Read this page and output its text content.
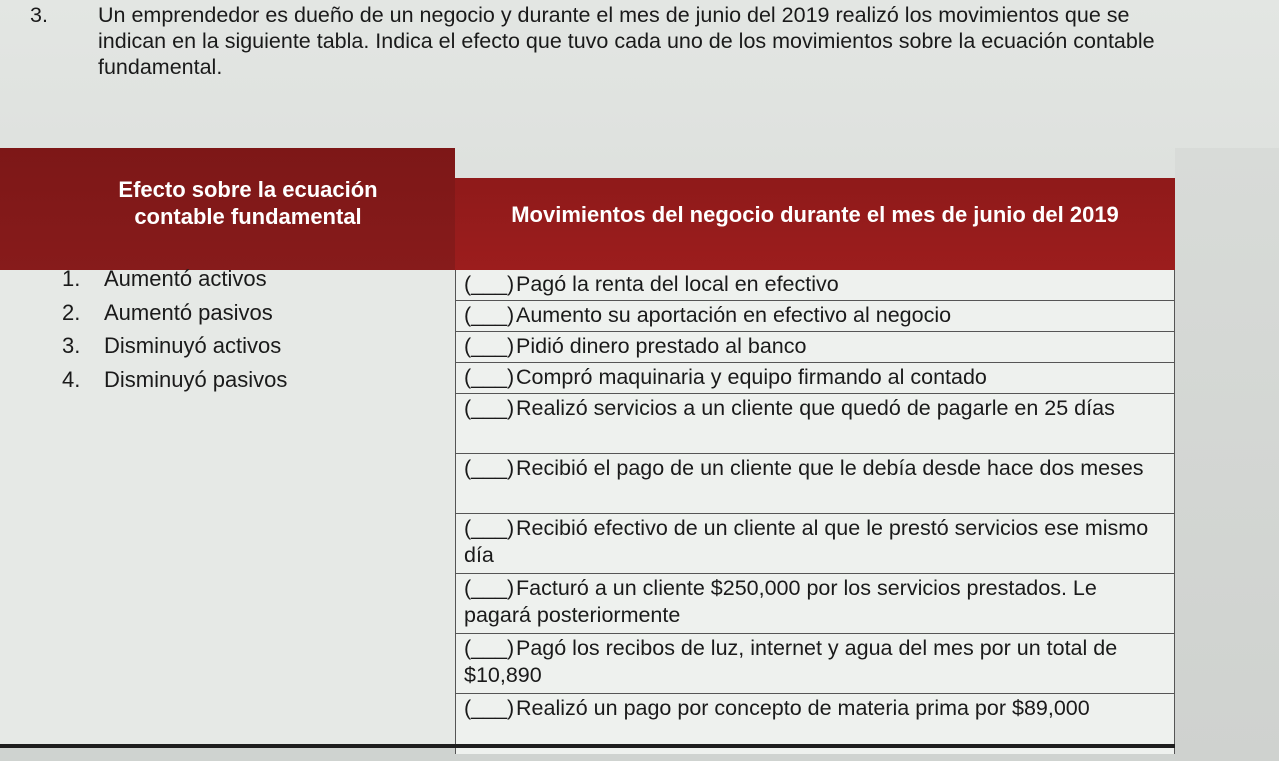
3. Un emprendedor es dueño de un negocio y durante el mes de junio del 2019 realizó los movimientos que se indican en la siguiente tabla. Indica el efecto que tuvo cada uno de los movimientos sobre la ecuación contable fundamental.
Efecto sobre la ecuación contable fundamental	Movimientos del negocio durante el mes de junio del 2019
1. Aumentó activos
2. Aumentó pasivos
3. Disminuyó activos
4. Disminuyó pasivos
(___)Pagó la renta del local en efectivo
(___)Aumento su aportación en efectivo al negocio
(___)Pidió dinero prestado al banco
(___)Compró maquinaria y equipo firmando al contado
(___)Realizó servicios a un cliente que quedó de pagarle en 25 días
(___)Recibió el pago de un cliente que le debía desde hace dos meses
(___)Recibió efectivo de un cliente al que le prestó servicios ese mismo día
(___)Facturó a un cliente $250,000 por los servicios prestados. Le pagará posteriormente
(___)Pagó los recibos de luz, internet y agua del mes por un total de $10,890
(___)Realizó un pago por concepto de materia prima por $89,000
